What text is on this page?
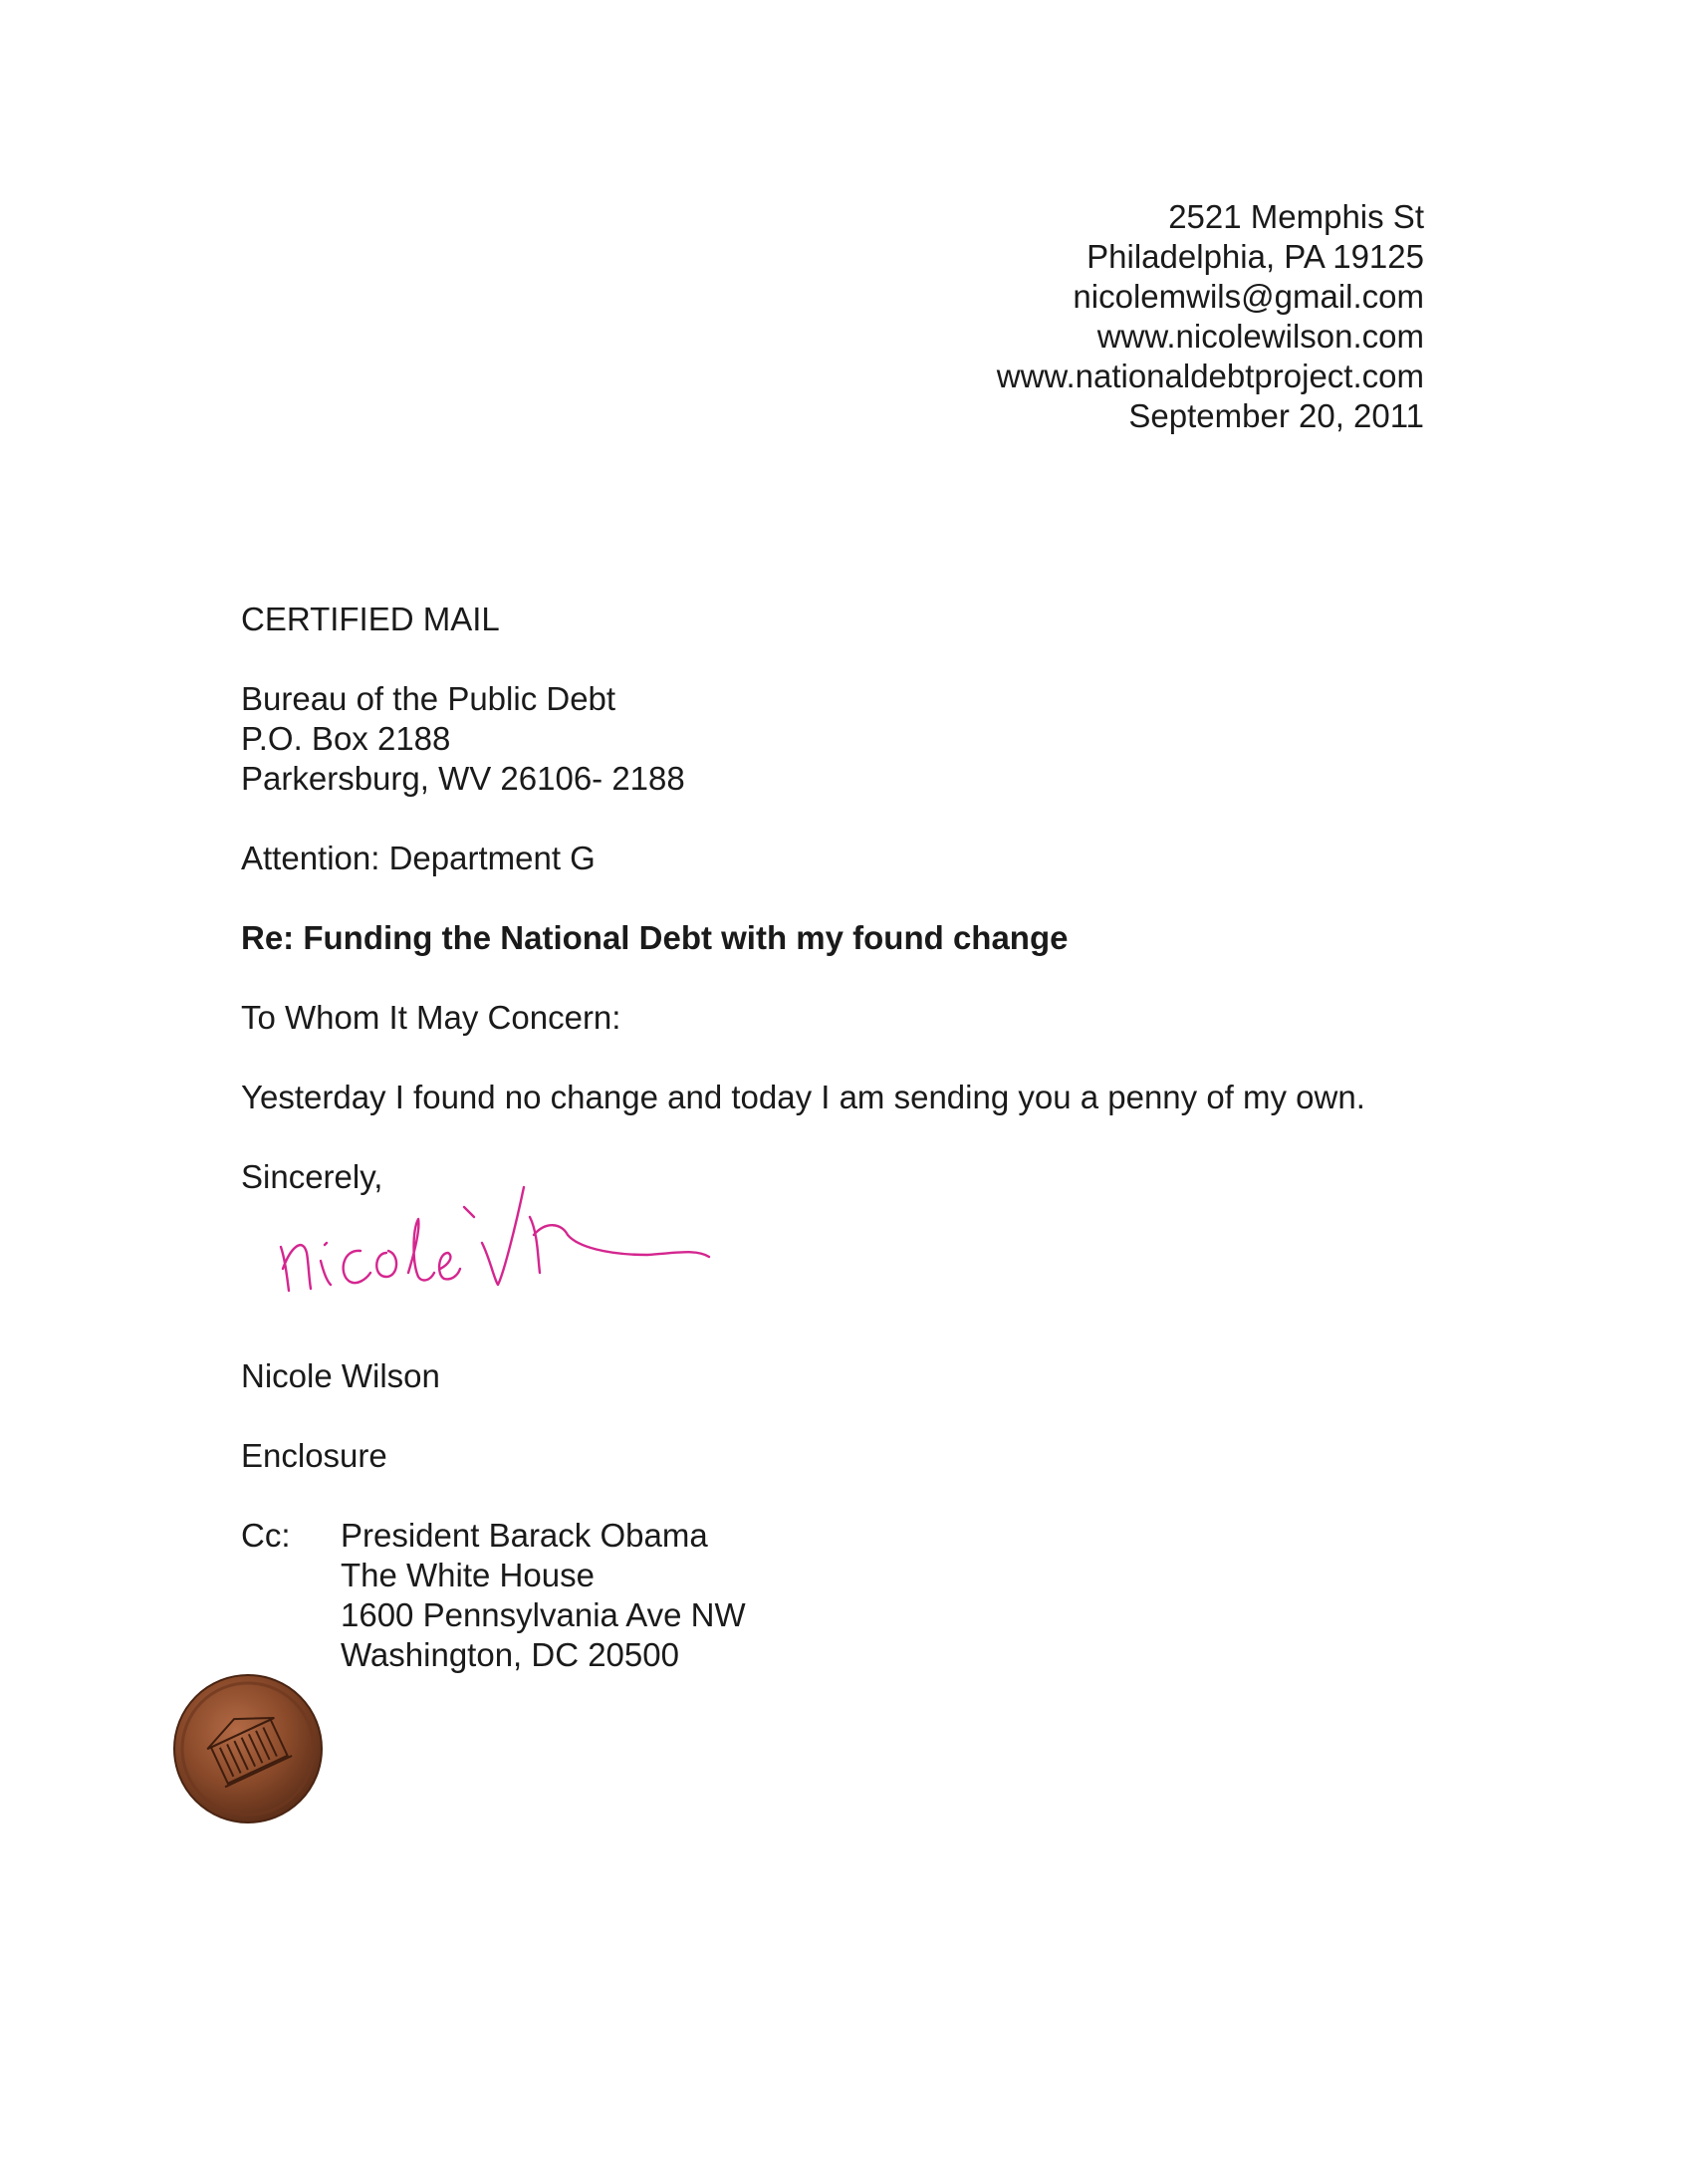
2521 Memphis St
Philadelphia, PA 19125
nicolemwils@gmail.com
www.nicolewilson.com
www.nationaldebtproject.com
September 20, 2011
CERTIFIED MAIL
Bureau of the Public Debt
P.O. Box 2188
Parkersburg, WV 26106- 2188
Attention: Department G
Re: Funding the National Debt with my found change
To Whom It May Concern:
Yesterday I found no change and today I am sending you a penny of my own.
Sincerely,
Nicole Wilson
Enclosure
Cc: President Barack Obama
The White House
1600 Pennsylvania Ave NW
Washington, DC 20500
